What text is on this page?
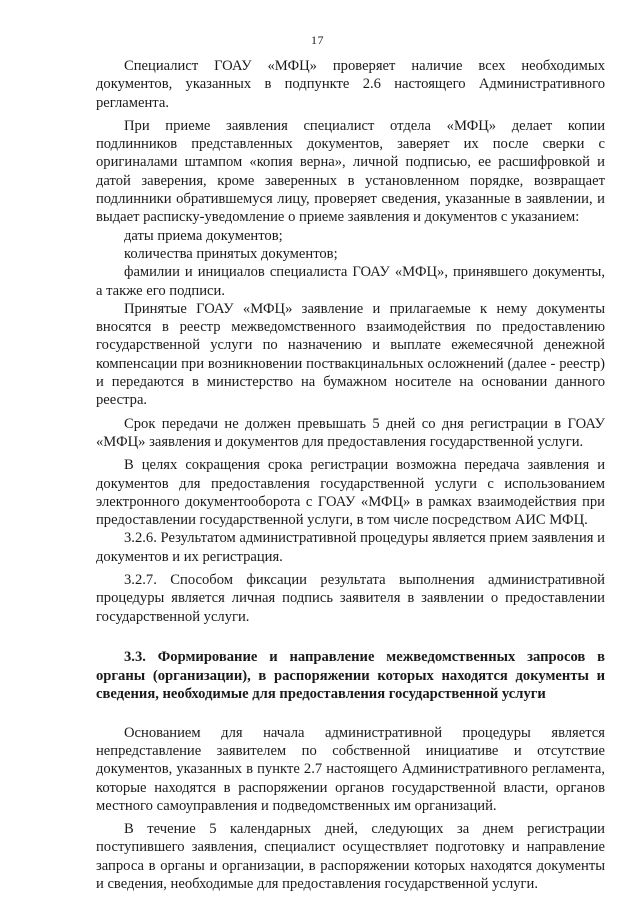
17

Специалист ГОАУ «МФЦ» проверяет наличие всех необходимых документов, указанных в подпункте 2.6 настоящего Административного регламента.

При приеме заявления специалист отдела «МФЦ» делает копии подлинников представленных документов, заверяет их после сверки с оригиналами штампом «копия верна», личной подписью, ее расшифровкой и датой заверения, кроме заверенных в установленном порядке, возвращает подлинники обратившемуся лицу, проверяет сведения, указанные в заявлении, и выдает расписку-уведомление о приеме заявления и документов с указанием:

даты приема документов;

количества принятых документов;

фамилии и инициалов специалиста ГОАУ «МФЦ», принявшего документы, а также его подписи.

Принятые ГОАУ «МФЦ» заявление и прилагаемые к нему документы вносятся в реестр межведомственного взаимодействия по предоставлению государственной услуги по назначению и выплате ежемесячной денежной компенсации при возникновении поствакцинальных осложнений (далее - реестр) и передаются в министерство на бумажном носителе на основании данного реестра.

Срок передачи не должен превышать 5 дней со дня регистрации в ГОАУ «МФЦ» заявления и документов для предоставления государственной услуги.

В целях сокращения срока регистрации возможна передача заявления и документов для предоставления государственной услуги с использованием электронного документооборота с ГОАУ «МФЦ» в рамках взаимодействия при предоставлении государственной услуги, в том числе посредством АИС МФЦ.

3.2.6. Результатом административной процедуры является прием заявления и документов и их регистрация.

3.2.7. Способом фиксации результата выполнения административной процедуры является личная подпись заявителя в заявлении о предоставлении государственной услуги.

3.3. Формирование и направление межведомственных запросов в органы (организации), в распоряжении которых находятся документы и сведения, необходимые для предоставления государственной услуги

Основанием для начала административной процедуры является непредставление заявителем по собственной инициативе и отсутствие документов, указанных в пункте 2.7 настоящего Административного регламента, которые находятся в распоряжении органов государственной власти, органов местного самоуправления и подведомственных им организаций.

В течение 5 календарных дней, следующих за днем регистрации поступившего заявления, специалист осуществляет подготовку и направление запроса в органы и организации, в распоряжении которых находятся документы и сведения, необходимые для предоставления государственной услуги.
